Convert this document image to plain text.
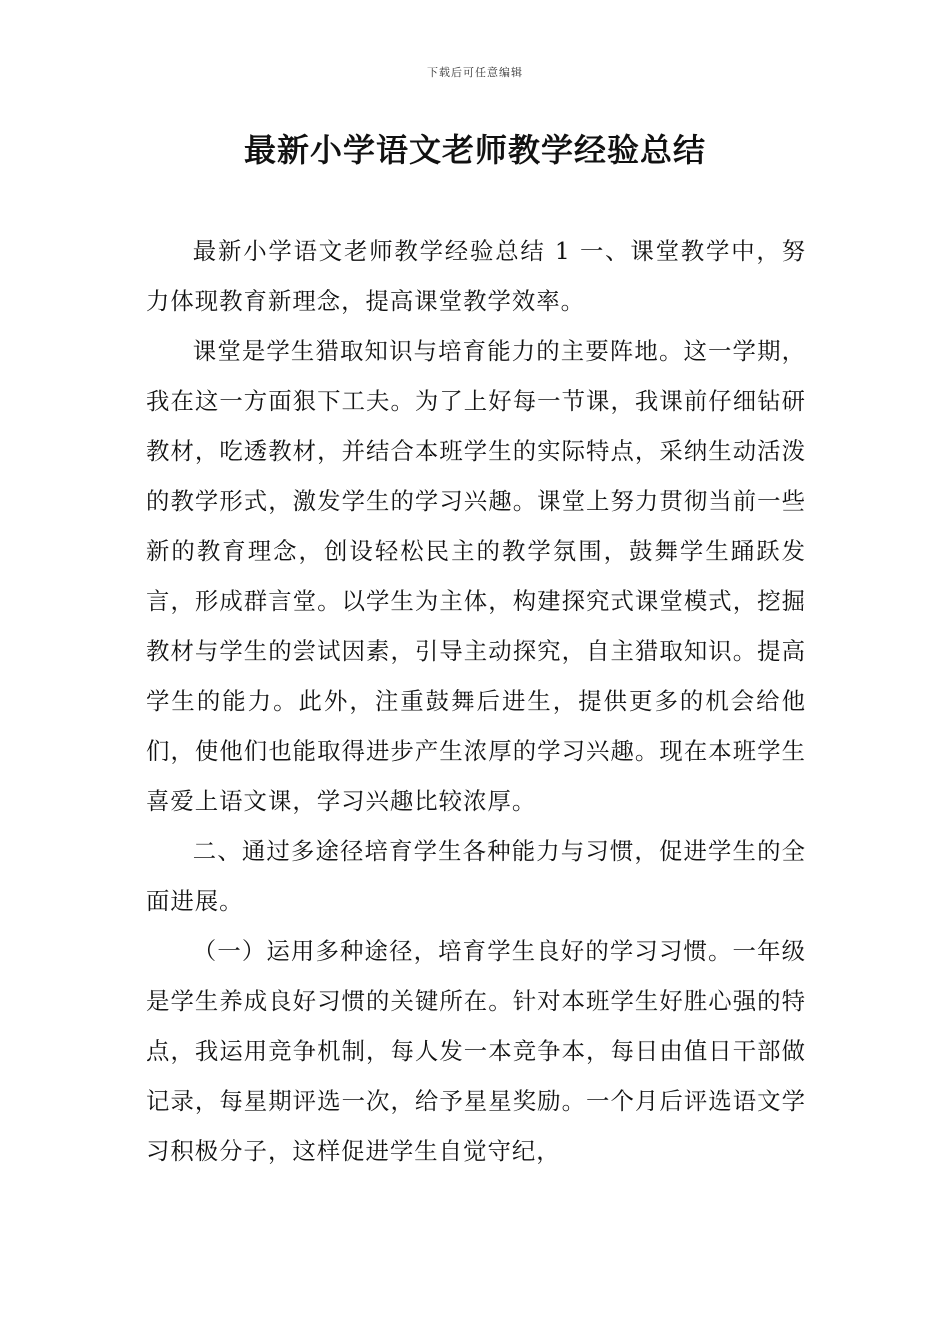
下载后可任意编辑
最新小学语文老师教学经验总结

最新小学语文老师教学经验总结 1 一、课堂教学中，努力体现教育新理念，提高课堂教学效率。

课堂是学生猎取知识与培育能力的主要阵地。这一学期，我在这一方面狠下工夫。为了上好每一节课，我课前仔细钻研教材，吃透教材，并结合本班学生的实际特点，采纳生动活泼的教学形式，激发学生的学习兴趣。课堂上努力贯彻当前一些新的教育理念，创设轻松民主的教学氛围，鼓舞学生踊跃发言，形成群言堂。以学生为主体，构建探究式课堂模式，挖掘教材与学生的尝试因素，引导主动探究，自主猎取知识。提高学生的能力。此外，注重鼓舞后进生，提供更多的机会给他们，使他们也能取得进步产生浓厚的学习兴趣。现在本班学生喜爱上语文课，学习兴趣比较浓厚。

二、通过多途径培育学生各种能力与习惯，促进学生的全面进展。

（一）运用多种途径，培育学生良好的学习习惯。一年级是学生养成良好习惯的关键所在。针对本班学生好胜心强的特点，我运用竞争机制，每人发一本竞争本，每日由值日干部做记录，每星期评选一次，给予星星奖励。一个月后评选语文学习积极分子，这样促进学生自觉守纪，
